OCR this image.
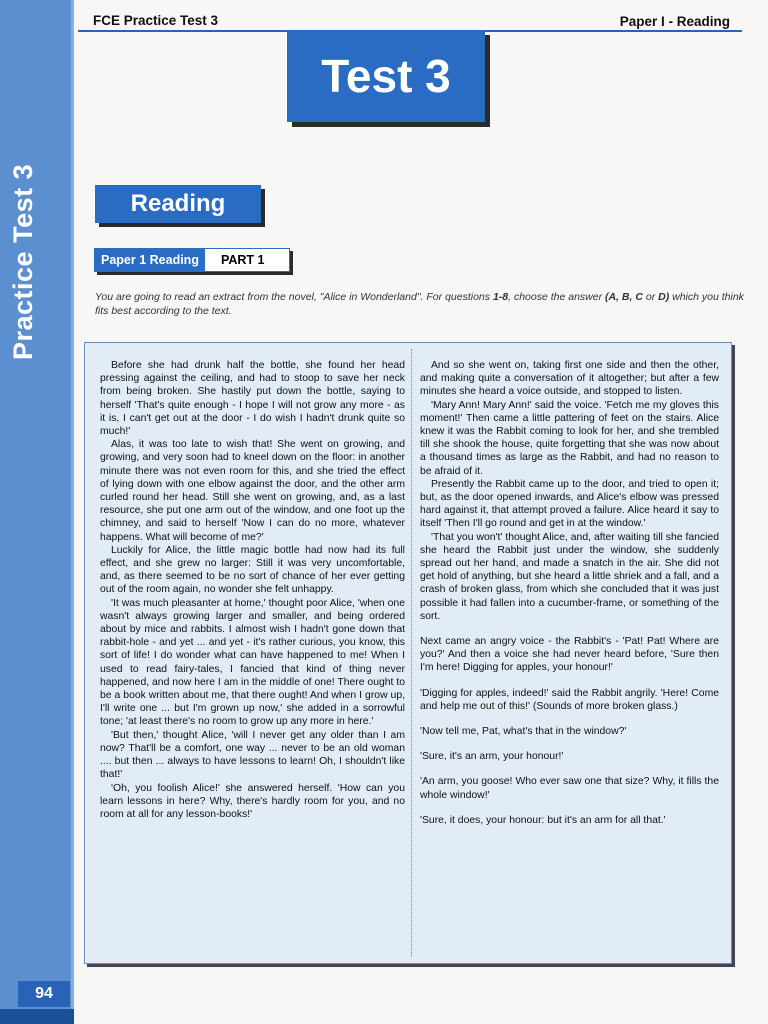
Practice Test 3
94
FCE Practice Test 3	Paper I - Reading
Test 3
Reading
Paper 1 Reading	PART 1
You are going to read an extract from the novel, "Alice in Wonderland". For questions 1-8, choose the answer (A, B, C or D) which you think fits best according to the text.

Before she had drunk half the bottle, she found her head pressing against the ceiling, and had to stoop to save her neck from being broken. She hastily put down the bottle, saying to herself 'That's quite enough - I hope I will not grow any more - as it is, I can't get out at the door - I do wish I hadn't drunk quite so much!'

Alas, it was too late to wish that! She went on growing, and growing, and very soon had to kneel down on the floor: in another minute there was not even room for this, and she tried the effect of lying down with one elbow against the door, and the other arm curled round her head. Still she went on growing, and, as a last resource, she put one arm out of the window, and one foot up the chimney, and said to herself 'Now I can do no more, whatever happens. What will become of me?'

Luckily for Alice, the little magic bottle had now had its full effect, and she grew no larger: Still it was very uncomfortable, and, as there seemed to be no sort of chance of her ever getting out of the room again, no wonder she felt unhappy.

'It was much pleasanter at home,' thought poor Alice, 'when one wasn't always growing larger and smaller, and being ordered about by mice and rabbits. I almost wish I hadn't gone down that rabbit-hole - and yet ... and yet - it's rather curious, you know, this sort of life! I do wonder what can have happened to me! When I used to read fairy-tales, I fancied that kind of thing never happened, and now here I am in the middle of one! There ought to be a book written about me, that there ought! And when I grow up, I'll write one ... but I'm grown up now,' she added in a sorrowful tone; 'at least there's no room to grow up any more in here.'

'But then,' thought Alice, 'will I never get any older than I am now? That'll be a comfort, one way ... never to be an old woman .... but then ... always to have lessons to learn! Oh, I shouldn't like that!'

'Oh, you foolish Alice!' she answered herself. 'How can you learn lessons in here? Why, there's hardly room for you, and no room at all for any lesson-books!'

And so she went on, taking first one side and then the other, and making quite a conversation of it altogether; but after a few minutes she heard a voice outside, and stopped to listen.

'Mary Ann! Mary Ann!' said the voice. 'Fetch me my gloves this moment!' Then came a little pattering of feet on the stairs. Alice knew it was the Rabbit coming to look for her, and she trembled till she shook the house, quite forgetting that she was now about a thousand times as large as the Rabbit, and had no reason to be afraid of it.

Presently the Rabbit came up to the door, and tried to open it; but, as the door opened inwards, and Alice's elbow was pressed hard against it, that attempt proved a failure. Alice heard it say to itself 'Then I'll go round and get in at the window.'

'That you won't' thought Alice, and, after waiting till she fancied she heard the Rabbit just under the window, she suddenly spread out her hand, and made a snatch in the air. She did not get hold of anything, but she heard a little shriek and a fall, and a crash of broken glass, from which she concluded that it was just possible it had fallen into a cucumber-frame, or something of the sort.

Next came an angry voice - the Rabbit's - 'Pat! Pat! Where are you?' And then a voice she had never heard before, 'Sure then I'm here! Digging for apples, your honour!'

'Digging for apples, indeed!' said the Rabbit angrily. 'Here! Come and help me out of this!' (Sounds of more broken glass.)

'Now tell me, Pat, what's that in the window?'

'Sure, it's an arm, your honour!'

'An arm, you goose! Who ever saw one that size? Why, it fills the whole window!'

'Sure, it does, your honour: but it's an arm for all that.'
